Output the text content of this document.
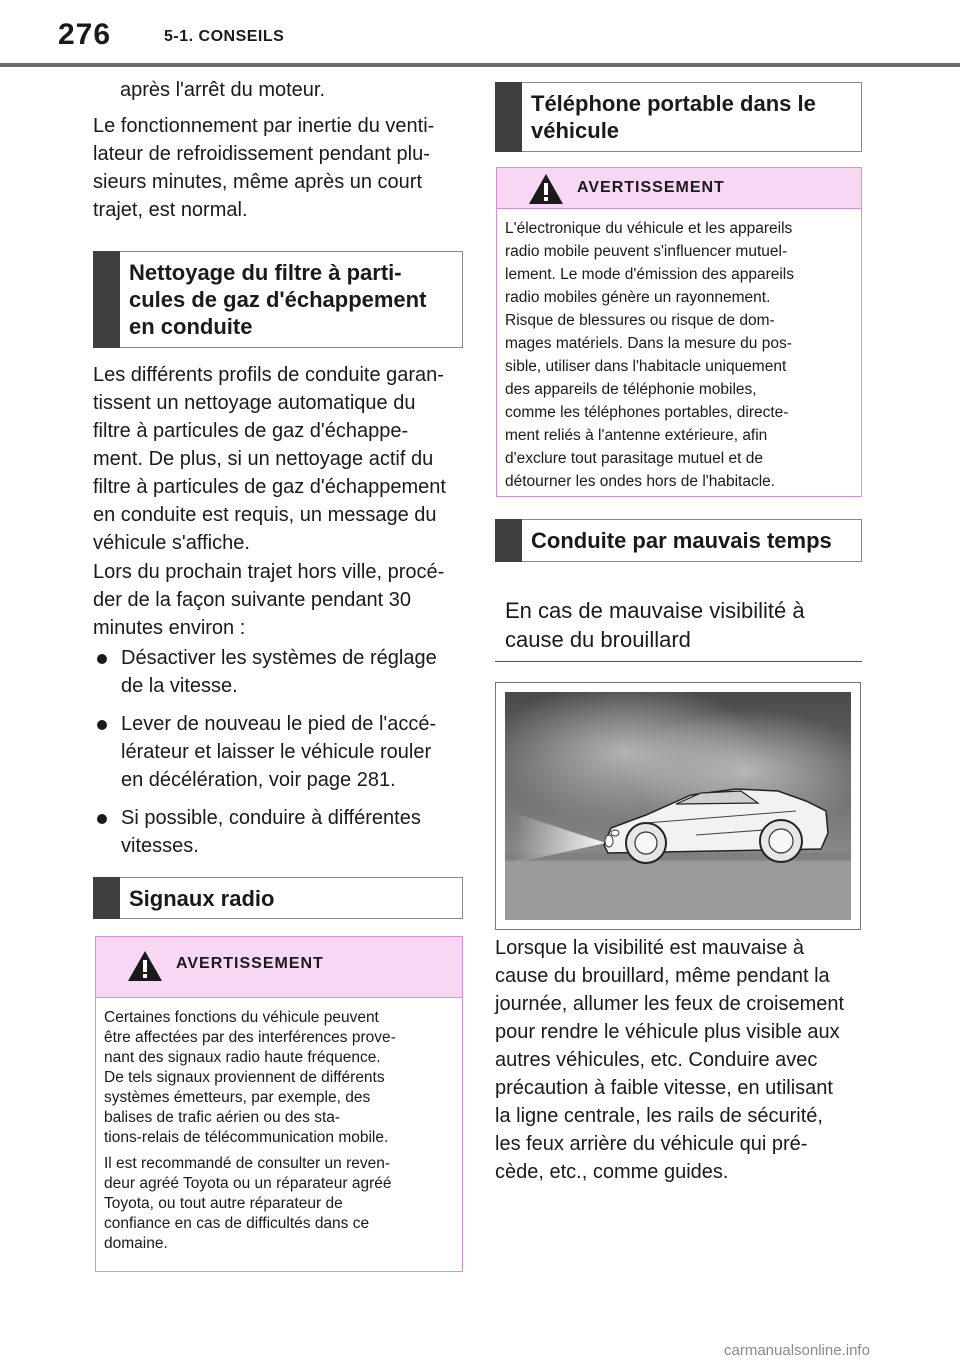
276	5-1. CONSEILS

après l'arrêt du moteur.

Le fonctionnement par inertie du venti-

lateur de refroidissement pendant plu-

sieurs minutes, même après un court

trajet, est normal.

Nettoyage du filtre à parti-
cules de gaz d'échappement
en conduite

Les différents profils de conduite garan-

tissent un nettoyage automatique du

filtre à particules de gaz d'échappe-

ment. De plus, si un nettoyage actif du

filtre à particules de gaz d'échappement

en conduite est requis, un message du

véhicule s'affiche.

Lors du prochain trajet hors ville, procé-

der de la façon suivante pendant 30

minutes environ :

Désactiver les systèmes de réglage

de la vitesse.

Lever de nouveau le pied de l'accé-

lérateur et laisser le véhicule rouler

en décélération, voir page 281.

Si possible, conduire à différentes

vitesses.

Signaux radio
AVERTISSEMENT

Certaines fonctions du véhicule peuvent
être affectées par des interférences prove-
nant des signaux radio haute fréquence.
De tels signaux proviennent de différents
systèmes émetteurs, par exemple, des
balises de trafic aérien ou des sta-
tions-relais de télécommunication mobile.

Il est recommandé de consulter un reven-
deur agréé Toyota ou un réparateur agréé
Toyota, ou tout autre réparateur de
confiance en cas de difficultés dans ce
domaine.

Téléphone portable dans le
véhicule
AVERTISSEMENT

L'électronique du véhicule et les appareils
radio mobile peuvent s'influencer mutuel-
lement. Le mode d'émission des appareils
radio mobiles génère un rayonnement.
Risque de blessures ou risque de dom-
mages matériels. Dans la mesure du pos-
sible, utiliser dans l'habitacle uniquement
des appareils de téléphonie mobiles,
comme les téléphones portables, directe-
ment reliés à l'antenne extérieure, afin
d'exclure tout parasitage mutuel et de
détourner les ondes hors de l'habitacle.

Conduite par mauvais temps
En cas de mauvaise visibilité à
cause du brouillard

Lorsque la visibilité est mauvaise à

cause du brouillard, même pendant la

journée, allumer les feux de croisement

pour rendre le véhicule plus visible aux

autres véhicules, etc. Conduire avec

précaution à faible vitesse, en utilisant

la ligne centrale, les rails de sécurité,

les feux arrière du véhicule qui pré-

cède, etc., comme guides.

carmanualsonline.info
